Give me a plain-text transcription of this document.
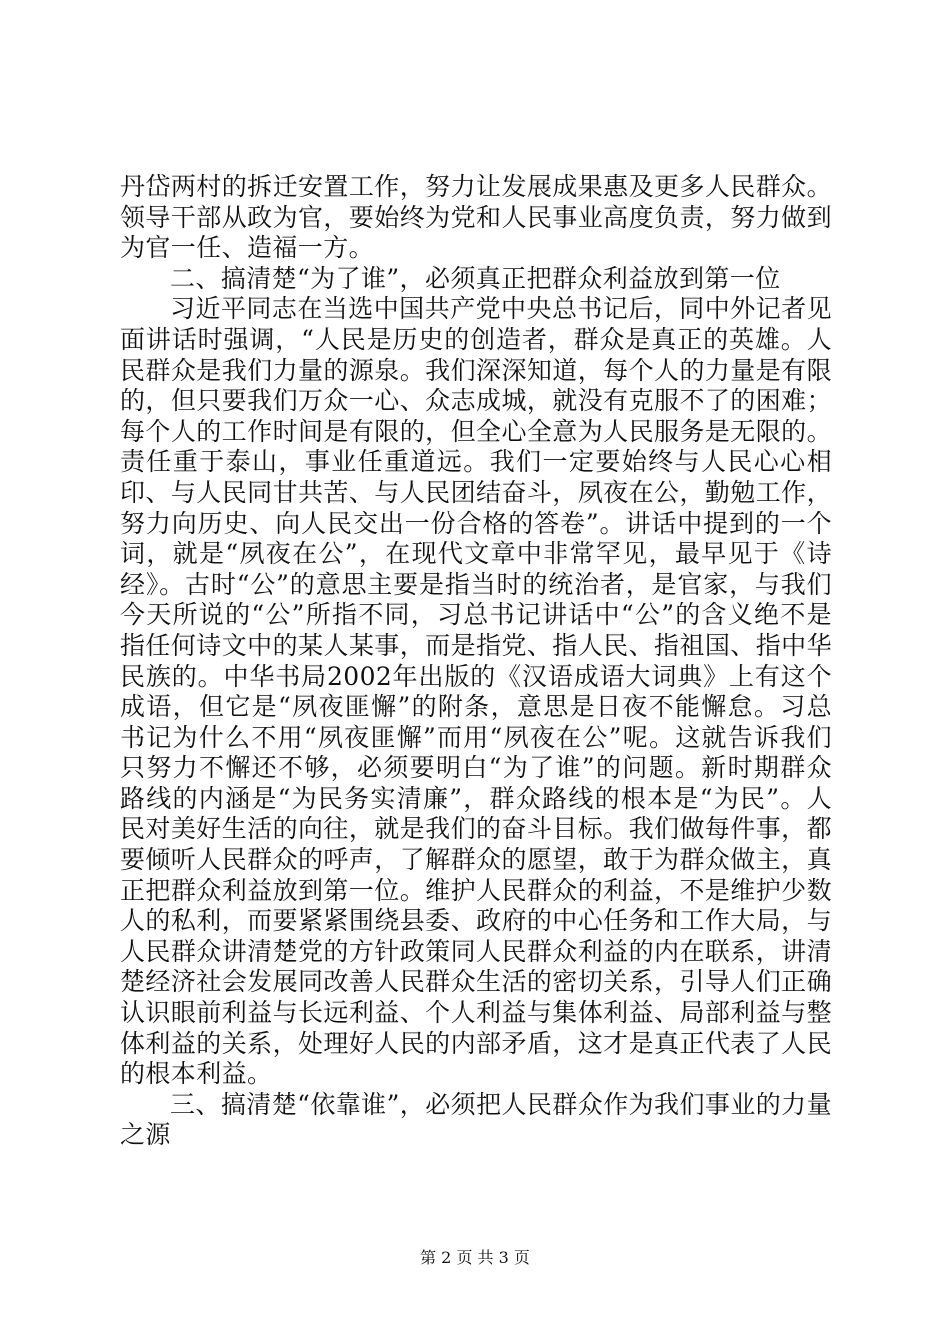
丹岱两村的拆迁安置工作，努力让发展成果惠及更多人民群众。领导干部从政为官，要始终为党和人民事业高度负责，努力做到为官一任、造福一方。

二、搞清楚“为了谁”，必须真正把群众利益放到第一位

习近平同志在当选中国共产党中央总书记后，同中外记者见面讲话时强调，“人民是历史的创造者，群众是真正的英雄。人民群众是我们力量的源泉。我们深深知道，每个人的力量是有限的，但只要我们万众一心、众志成城，就没有克服不了的困难；每个人的工作时间是有限的，但全心全意为人民服务是无限的。责任重于泰山，事业任重道远。我们一定要始终与人民心心相印、与人民同甘共苦、与人民团结奋斗，夙夜在公，勤勉工作，努力向历史、向人民交出一份合格的答卷”。讲话中提到的一个词，就是“夙夜在公”，在现代文章中非常罕见，最早见于《诗经》。古时“公”的意思主要是指当时的统治者，是官家，与我们今天所说的“公”所指不同，习总书记讲话中“公”的含义绝不是指任何诗文中的某人某事，而是指党、指人民、指祖国、指中华民族的。中华书局2002年出版的《汉语成语大词典》上有这个成语，但它是“夙夜匪懈”的附条，意思是日夜不能懈怠。习总书记为什么不用“夙夜匪懈”而用“夙夜在公”呢。这就告诉我们只努力不懈还不够，必须要明白“为了谁”的问题。新时期群众路线的内涵是“为民务实清廉”，群众路线的根本是“为民”。人民对美好生活的向往，就是我们的奋斗目标。我们做每件事，都要倾听人民群众的呼声，了解群众的愿望，敢于为群众做主，真正把群众利益放到第一位。维护人民群众的利益，不是维护少数人的私利，而要紧紧围绕县委、政府的中心任务和工作大局，与人民群众讲清楚党的方针政策同人民群众利益的内在联系，讲清楚经济社会发展同改善人民群众生活的密切关系，引导人们正确认识眼前利益与长远利益、个人利益与集体利益、局部利益与整体利益的关系，处理好人民的内部矛盾，这才是真正代表了人民的根本利益。

三、搞清楚“依靠谁”，必须把人民群众作为我们事业的力量之源

第 2 页 共 3 页
